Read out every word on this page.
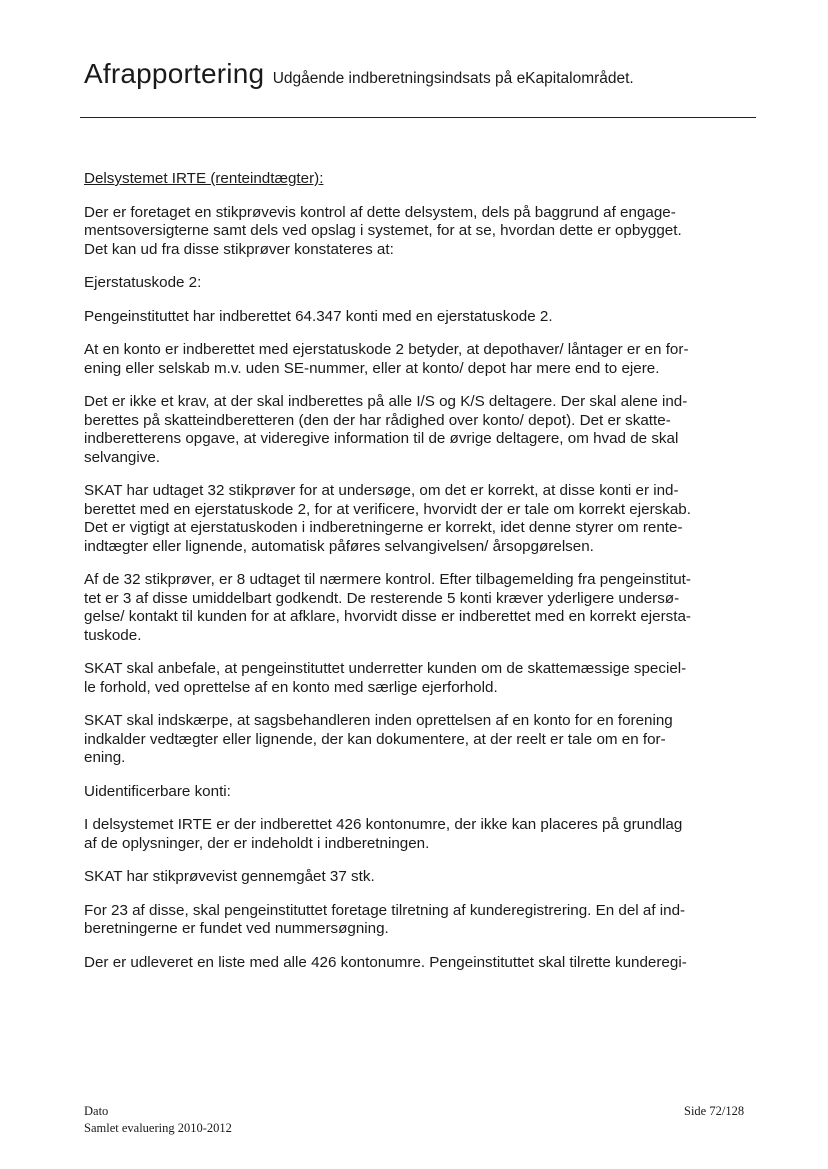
Afrapportering Udgående indberetningsindsats på eKapitalområdet.

Delsystemet IRTE (renteindtægter):

Der er foretaget en stikprøvevis kontrol af dette delsystem, dels på baggrund af engage-
mentsoversigterne samt dels ved opslag i systemet, for at se, hvordan dette er opbygget.
Det kan ud fra disse stikprøver konstateres at:

Ejerstatuskode 2:

Pengeinstituttet har indberettet 64.347 konti med en ejerstatuskode 2.

At en konto er indberettet med ejerstatuskode 2 betyder, at depothaver/ låntager er en for-
ening eller selskab m.v. uden SE-nummer, eller at konto/ depot har mere end to ejere.

Det er ikke et krav, at der skal indberettes på alle I/S og K/S deltagere. Der skal alene ind-
berettes på skatteindberetteren (den der har rådighed over konto/ depot). Det er skatte-
indberetterens opgave, at videregive information til de øvrige deltagere, om hvad de skal
selvangive.

SKAT har udtaget 32 stikprøver for at undersøge, om det er korrekt, at disse konti er ind-
berettet med en ejerstatuskode 2, for at verificere, hvorvidt der er tale om korrekt ejerskab.
Det er vigtigt at ejerstatuskoden i indberetningerne er korrekt, idet denne styrer om rente-
indtægter eller lignende, automatisk påføres selvangivelsen/ årsopgørelsen.

Af de 32 stikprøver, er 8 udtaget til nærmere kontrol. Efter tilbagemelding fra pengeinstitut-
tet er 3 af disse umiddelbart godkendt. De resterende 5 konti kræver yderligere undersø-
gelse/ kontakt til kunden for at afklare, hvorvidt disse er indberettet med en korrekt ejersta-
tuskode.

SKAT skal anbefale, at pengeinstituttet underretter kunden om de skattemæssige speciel-
le forhold, ved oprettelse af en konto med særlige ejerforhold.

SKAT skal indskærpe, at sagsbehandleren inden oprettelsen af en konto for en forening
indkalder vedtægter eller lignende, der kan dokumentere, at der reelt er tale om en for-
ening.

Uidentificerbare konti:

I delsystemet IRTE er der indberettet 426 kontonumre, der ikke kan placeres på grundlag
af de oplysninger, der er indeholdt i indberetningen.

SKAT har stikprøvevist gennemgået 37 stk.

For 23 af disse, skal pengeinstituttet foretage tilretning af kunderegistrering. En del af ind-
beretningerne er fundet ved nummersøgning.

Der er udleveret en liste med alle 426 kontonumre. Pengeinstituttet skal tilrette kunderegi-

Dato
Samlet evaluering 2010-2012
Side 72/128
